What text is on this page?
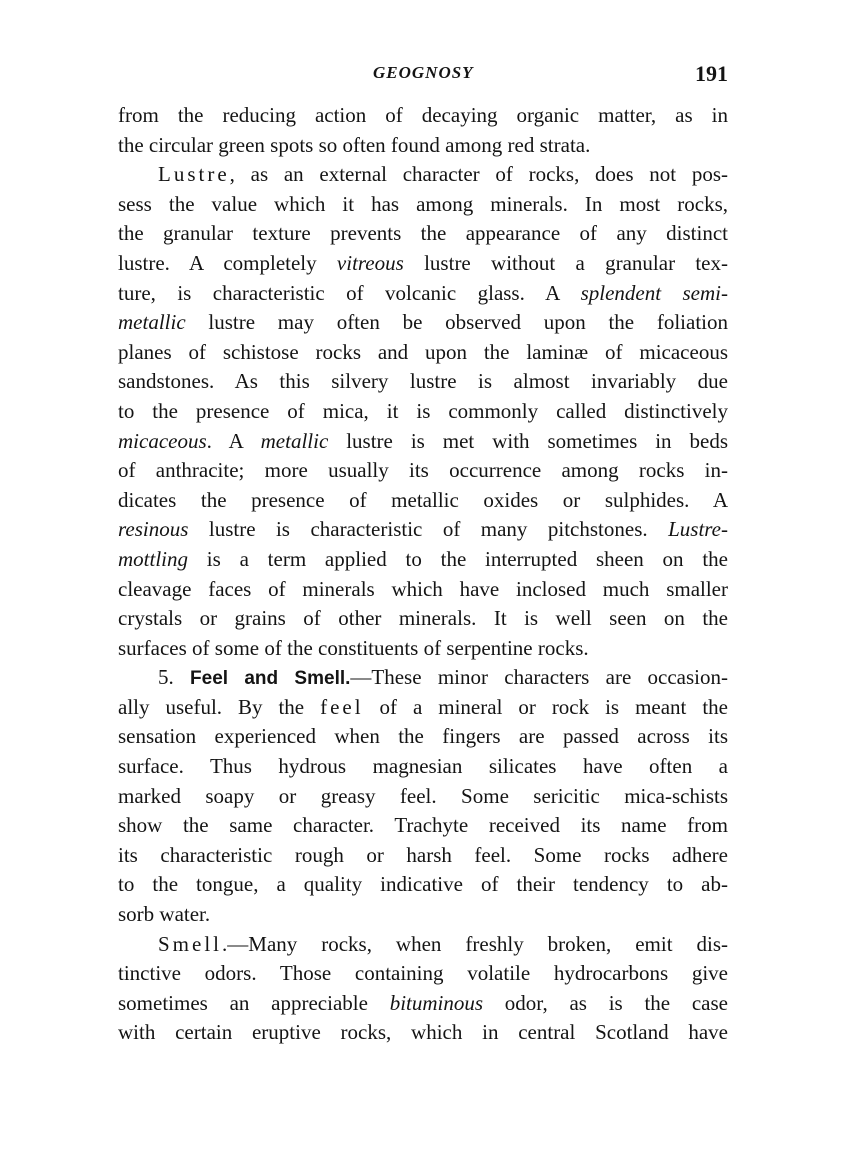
GEOGNOSY	191
from the reducing action of decaying organic matter, as in
the circular green spots so often found among red strata.
Lustre, as an external character of rocks, does not pos-
sess the value which it has among minerals. In most rocks,
the granular texture prevents the appearance of any distinct
lustre. A completely vitreous lustre without a granular tex-
ture, is characteristic of volcanic glass. A splendent semi-
metallic lustre may often be observed upon the foliation
planes of schistose rocks and upon the laminæ of micaceous
sandstones. As this silvery lustre is almost invariably due
to the presence of mica, it is commonly called distinctively
micaceous. A metallic lustre is met with sometimes in beds
of anthracite; more usually its occurrence among rocks in-
dicates the presence of metallic oxides or sulphides. A
resinous lustre is characteristic of many pitchstones. Lustre-
mottling is a term applied to the interrupted sheen on the
cleavage faces of minerals which have inclosed much smaller
crystals or grains of other minerals. It is well seen on the
surfaces of some of the constituents of serpentine rocks.
5. Feel and Smell.—These minor characters are occasion-
ally useful. By the feel of a mineral or rock is meant the
sensation experienced when the fingers are passed across its
surface. Thus hydrous magnesian silicates have often a
marked soapy or greasy feel. Some sericitic mica-schists
show the same character. Trachyte received its name from
its characteristic rough or harsh feel. Some rocks adhere
to the tongue, a quality indicative of their tendency to ab-
sorb water.
Smell.—Many rocks, when freshly broken, emit dis-
tinctive odors. Those containing volatile hydrocarbons give
sometimes an appreciable bituminous odor, as is the case
with certain eruptive rocks, which in central Scotland have
